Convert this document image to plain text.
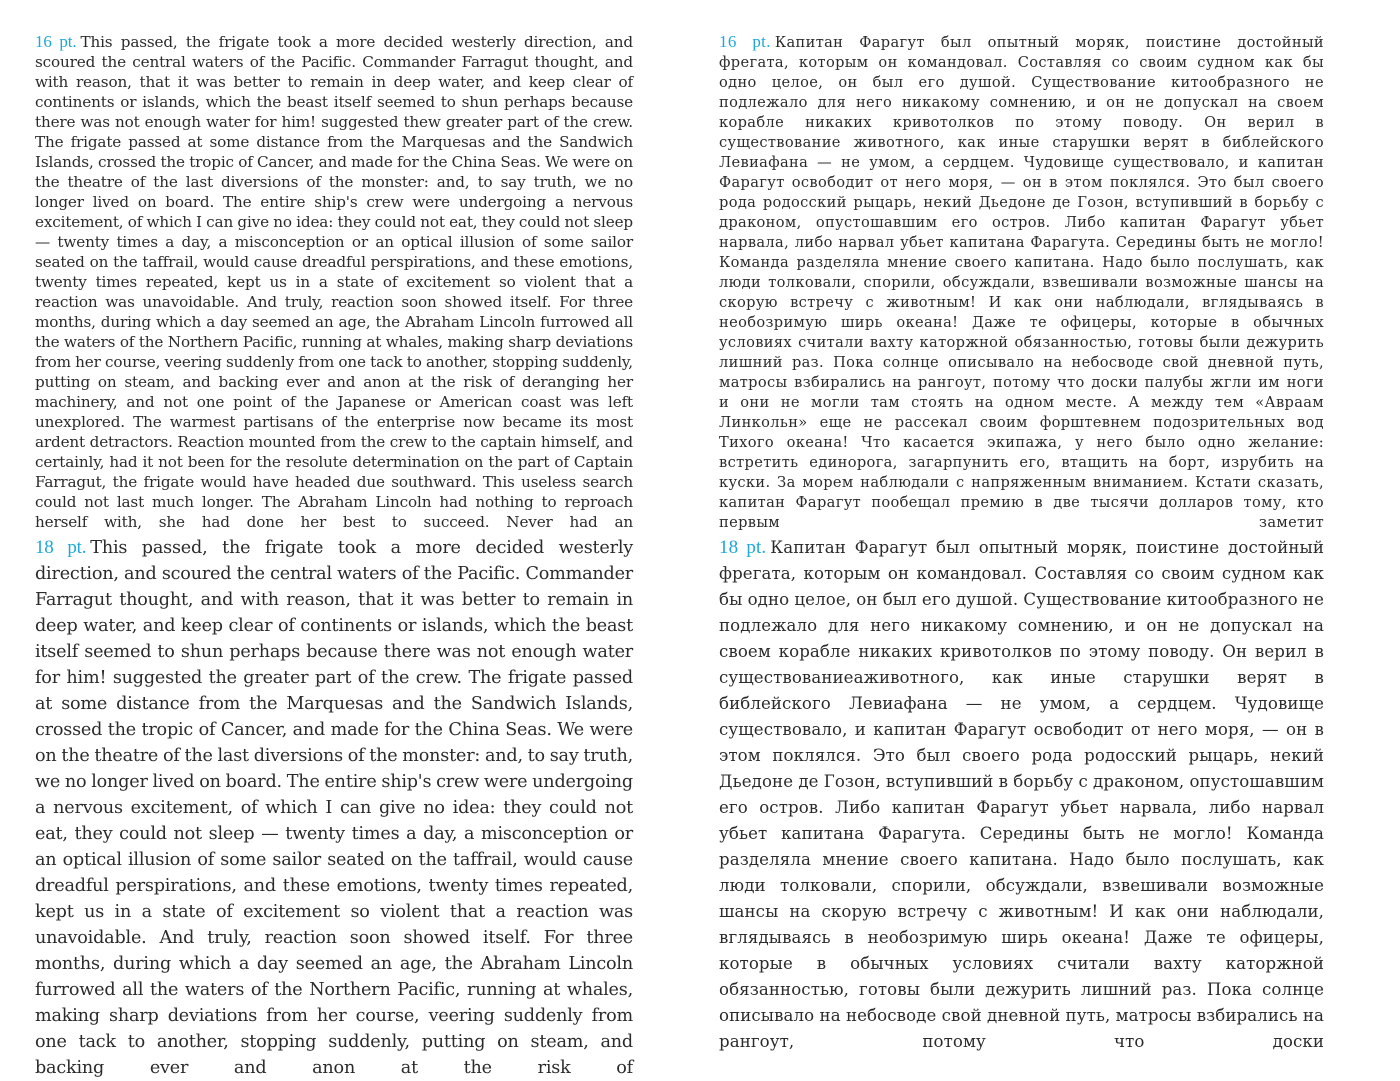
16 pt. This passed, the frigate took a more decided westerly direction, and scoured the central waters of the Pacific. Commander Farragut thought, and with reason, that it was better to remain in deep water, and keep clear of continents or islands, which the beast itself seemed to shun perhaps because there was not enough water for him! suggested thew greater part of the crew. The frigate passed at some distance from the Marquesas and the Sandwich Islands, crossed the tropic of Cancer, and made for the China Seas. We were on the theatre of the last diversions of the monster: and, to say truth, we no longer lived on board. The entire ship's crew were undergoing a nervous excitement, of which I can give no idea: they could not eat, they could not sleep — twenty times a day, a misconception or an optical illusion of some sailor seated on the taffrail, would cause dreadful perspirations, and these emotions, twenty times repeated, kept us in a state of excitement so violent that a reaction was unavoidable. And truly, reaction soon showed itself. For three months, during which a day seemed an age, the Abraham Lincoln furrowed all the waters of the Northern Pacific, running at whales, making sharp deviations from her course, veering suddenly from one tack to another, stopping suddenly, putting on steam, and backing ever and anon at the risk of deranging her machinery, and not one point of the Japanese or American coast was left unexplored. The warmest partisans of the enterprise now became its most ardent detractors. Reaction mounted from the crew to the captain himself, and certainly, had it not been for the resolute determination on the part of Captain Farragut, the frigate would have headed due southward. This useless search could not last much longer. The Abraham Lincoln had nothing to reproach herself with, she had done her best to succeed. Never had an

16 pt. Капитан Фарагут был опытный моряк, поистине достойный фрегата, которым он командовал. Составляя со своим судном как бы одно целое, он был его душой. Существование китообразного не подлежало для него никакому сомнению, и он не допускал на своем корабле никаких кривотолков по этому поводу. Он верил в существование животного, как иные старушки верят в библейского Левиафана — не умом, а сердцем. Чудовище существовало, и капитан Фарагут освободит от него моря, — он в этом поклялся. Это был своего рода родосский рыцарь, некий Дьедоне де Гозон, вступивший в борьбу с драконом, опустошавшим его остров. Либо капитан Фарагут убьет нарвала, либо нарвал убьет капитана Фарагута. Середины быть не могло! Команда разделяла мнение своего капитана. Надо было послушать, как люди толковали, спорили, обсуждали, взвешивали возможные шансы на скорую встречу с животным! И как они наблюдали, вглядываясь в необозримую ширь океана! Даже те офицеры, которые в обычных условиях считали вахту каторжной обязанностью, готовы были дежурить лишний раз. Пока солнце описывало на небосводе свой дневной путь, матросы взбирались на рангоут, потому что доски палубы жгли им ноги и они не могли там стоять на одном месте. А между тем «Авраам Линкольн» еще не рассекал своим форштевнем подозрительных вод Тихого океана! Что касается экипажа, у него было одно желание: встретить единорога, загарпунить его, втащить на борт, изрубить на куски. За морем наблюдали с напряженным вниманием. Кстати сказать, капитан Фарагут пообещал премию в две тысячи долларов тому, кто первым заметит

18 pt. This passed, the frigate took a more decided westerly direction, and scoured the central waters of the Pacific. Commander Farragut thought, and with reason, that it was better to remain in deep water, and keep clear of continents or islands, which the beast itself seemed to shun perhaps because there was not enough water for him! suggested the greater part of the crew. The frigate passed at some distance from the Marquesas and the Sandwich Islands, crossed the tropic of Cancer, and made for the China Seas. We were on the theatre of the last diversions of the monster: and, to say truth, we no longer lived on board. The entire ship's crew were undergoing a nervous excitement, of which I can give no idea: they could not eat, they could not sleep — twenty times a day, a misconception or an optical illusion of some sailor seated on the taffrail, would cause dreadful perspirations, and these emotions, twenty times repeated, kept us in a state of excitement so violent that a reaction was unavoidable. And truly, reaction soon showed itself. For three months, during which a day seemed an age, the Abraham Lincoln furrowed all the waters of the Northern Pacific, running at whales, making sharp deviations from her course, veering suddenly from one tack to another, stopping suddenly, putting on steam, and backing ever and anon at the risk of

18 pt. Капитан Фарагут был опытный моряк, поистине достойный фрегата, которым он командовал. Составляя со своим судном как бы одно целое, он был его душой. Существование китообразного не подлежало для него никакому сомнению, и он не допускал на своем корабле никаких кривотолков по этому поводу. Он верил в существованиеаживотного, как иные старушки верят в библейского Левиафана — не умом, а сердцем. Чудовище существовало, и капитан Фарагут освободит от него моря, — он в этом поклялся. Это был своего рода родосский рыцарь, некий Дьедоне де Гозон, вступивший в борьбу с драконом, опустошавшим его остров. Либо капитан Фарагут убьет нарвала, либо нарвал убьет капитана Фарагута. Середины быть не могло! Команда разделяла мнение своего капитана. Надо было послушать, как люди толковали, спорили, обсуждали, взвешивали возможные шансы на скорую встречу с животным! И как они наблюдали, вглядываясь в необозримую ширь океана! Даже те офицеры, которые в обычных условиях считали вахту каторжной обязанностью, готовы были дежурить лишний раз. Пока солнце описывало на небосводе свой дневной путь, матросы взбирались на рангоут, потому что доски
